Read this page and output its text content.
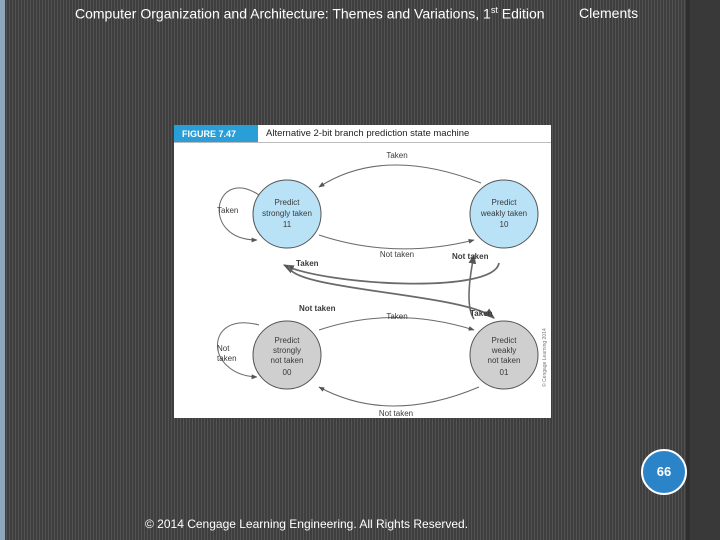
Computer Organization and Architecture: Themes and Variations, 1st Edition Clements
Predict
strongly taken
11
Predict
weakly taken
10
Predict
strongly
not taken
00
Predict
weakly
not taken
01
Taken
Taken
Not
taken
Not taken	Not taken
Taken
Not taken
Taken	Taken
Not taken
FIGURE 7.47	Alternative 2-bit branch prediction state machine
© Cengage Learning 2014
66
© 2014 Cengage Learning Engineering. All Rights Reserved.
